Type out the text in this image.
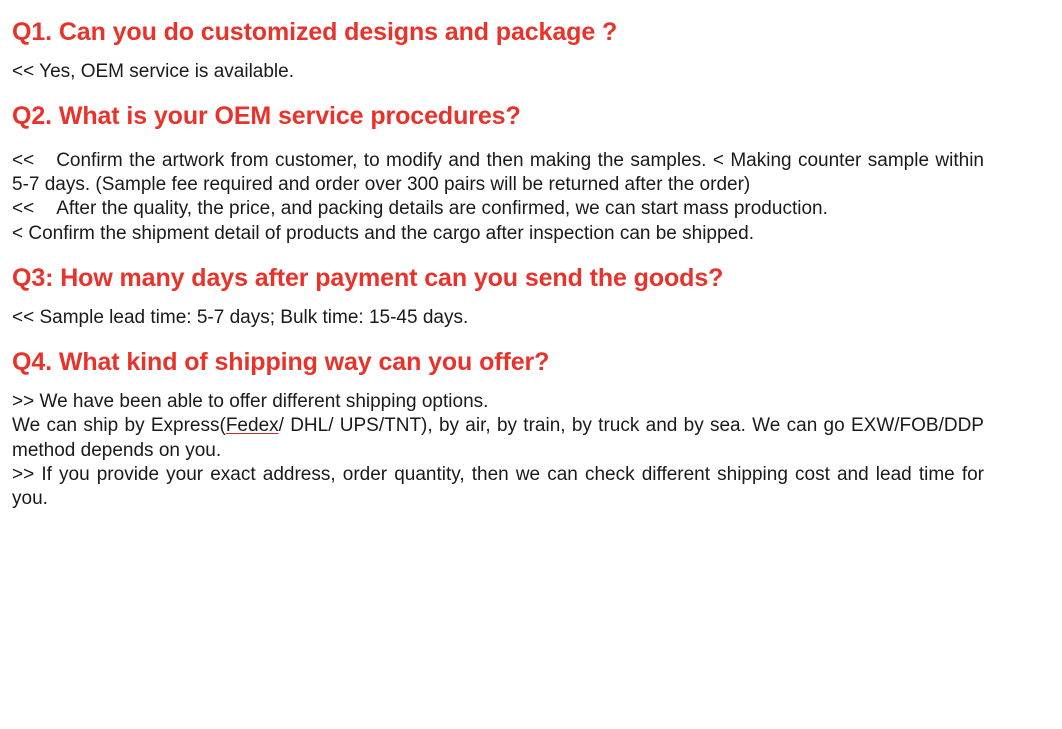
Q1. Can you do customized designs and package ?

<< Yes, OEM service is available.

Q2. What is your OEM service procedures?

<< Confirm the artwork from customer, to modify and then making the samples. < Making counter sample within 5-7 days. (Sample fee required and order over 300 pairs will be returned after the order)

<< After the quality, the price, and packing details are confirmed, we can start mass production.

< Confirm the shipment detail of products and the cargo after inspection can be shipped.

Q3: How many days after payment can you send the goods?

<< Sample lead time: 5-7 days; Bulk time: 15-45 days.

Q4. What kind of shipping way can you offer?

>> We have been able to offer different shipping options.

We can ship by Express(Fedex/ DHL/ UPS/TNT), by air, by train, by truck and by sea. We can go EXW/FOB/DDP method depends on you.

>> If you provide your exact address, order quantity, then we can check different shipping cost and lead time for you.
